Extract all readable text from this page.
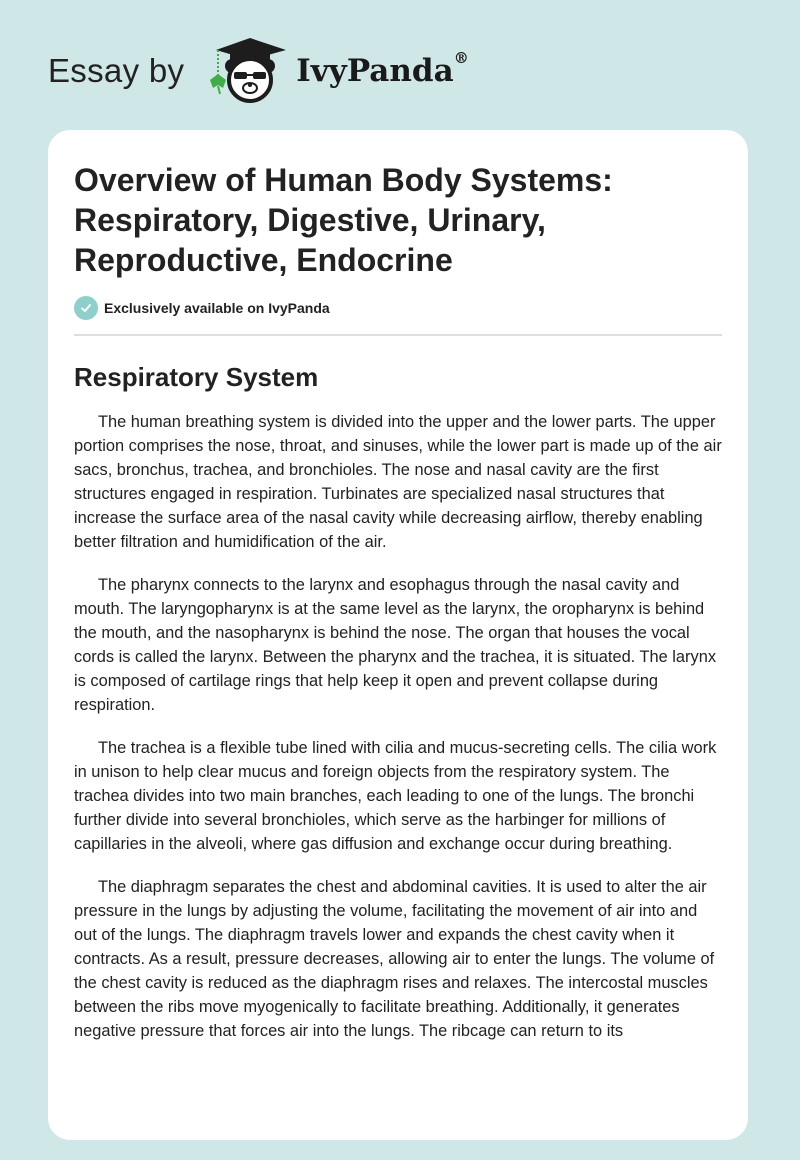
Essay by	IvyPanda®
Overview of Human Body Systems: Respiratory, Digestive, Urinary, Reproductive, Endocrine
Exclusively available on IvyPanda
Respiratory System

The human breathing system is divided into the upper and the lower parts. The upper portion comprises the nose, throat, and sinuses, while the lower part is made up of the air sacs, bronchus, trachea, and bronchioles. The nose and nasal cavity are the first structures engaged in respiration. Turbinates are specialized nasal structures that increase the surface area of the nasal cavity while decreasing airflow, thereby enabling better filtration and humidification of the air.

The pharynx connects to the larynx and esophagus through the nasal cavity and mouth. The laryngopharynx is at the same level as the larynx, the oropharynx is behind the mouth, and the nasopharynx is behind the nose. The organ that houses the vocal cords is called the larynx. Between the pharynx and the trachea, it is situated. The larynx is composed of cartilage rings that help keep it open and prevent collapse during respiration.

The trachea is a flexible tube lined with cilia and mucus-secreting cells. The cilia work in unison to help clear mucus and foreign objects from the respiratory system. The trachea divides into two main branches, each leading to one of the lungs. The bronchi further divide into several bronchioles, which serve as the harbinger for millions of capillaries in the alveoli, where gas diffusion and exchange occur during breathing.

The diaphragm separates the chest and abdominal cavities. It is used to alter the air pressure in the lungs by adjusting the volume, facilitating the movement of air into and out of the lungs. The diaphragm travels lower and expands the chest cavity when it contracts. As a result, pressure decreases, allowing air to enter the lungs. The volume of the chest cavity is reduced as the diaphragm rises and relaxes. The intercostal muscles between the ribs move myogenically to facilitate breathing. Additionally, it generates negative pressure that forces air into the lungs. The ribcage can return to its
